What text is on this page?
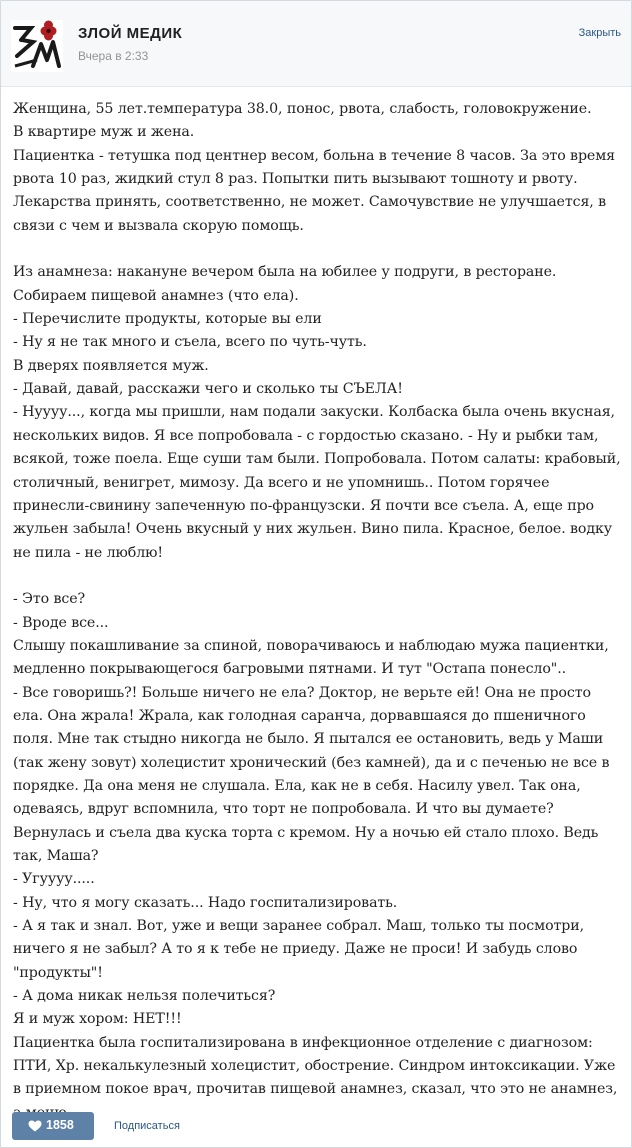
ЗЛОЙ МЕДИК
Вчера в 2:33
Закрыть

Женщина, 55 лет.температура 38.0, понос, рвота, слабость, головокружение.

В квартире муж и жена.

Пациентка - тетушка под центнер весом, больна в течение 8 часов. За это время рвота 10 раз, жидкий стул 8 раз. Попытки пить вызывают тошноту и рвоту. Лекарства принять, соответственно, не может. Самочувствие не улучшается, в связи с чем и вызвала скорую помощь.

Из анамнеза: накануне вечером была на юбилее у подруги, в ресторане.

Собираем пищевой анамнез (что ела).

- Перечислите продукты, которые вы ели

- Ну я не так много и съела, всего по чуть-чуть.

В дверях появляется муж.

- Давай, давай, расскажи чего и сколько ты СЪЕЛА!

- Нуууу..., когда мы пришли, нам подали закуски. Колбаска была очень вкусная, нескольких видов. Я все попробовала - с гордостью сказано. - Ну и рыбки там, всякой, тоже поела. Еще суши там были. Попробовала. Потом салаты: крабовый, столичный, венигрет, мимозу. Да всего и не упомнишь.. Потом горячее принесли-свинину запеченную по-французски. Я почти все съела. А, еще про жульен забыла! Очень вкусный у них жульен. Вино пила. Красное, белое. водку не пила - не люблю!

- Это все?

- Вроде все...

Слышу покашливание за спиной, поворачиваюсь и наблюдаю мужа пациентки, медленно покрывающегося багровыми пятнами. И тут "Остапа понесло"..

- Все говоришь?! Больше ничего не ела? Доктор, не верьте ей! Она не просто ела. Она жрала! Жрала, как голодная саранча, дорвавшаяся до пшеничного поля. Мне так стыдно никогда не было. Я пытался ее остановить, ведь у Маши (так жену зовут) холецистит хронический (без камней), да и с печенью не все в порядке. Да она меня не слушала. Ела, как не в себя. Насилу увел. Так она, одеваясь, вдруг вспомнила, что торт не попробовала. И что вы думаете? Вернулась и съела два куска торта с кремом. Ну а ночью ей стало плохо. Ведь так, Маша?

- Угуууу.....

- Ну, что я могу сказать... Надо госпитализировать.

- А я так и знал. Вот, уже и вещи заранее собрал. Маш, только ты посмотри, ничего я не забыл? А то я к тебе не приеду. Даже не проси! И забудь слово "продукты"!

- А дома никак нельзя полечиться?

Я и муж хором: НЕТ!!!

Пациентка была госпитализирована в инфекционное отделение с диагнозом: ПТИ, Хр. некалькулезный холецистит, обострение. Синдром интоксикации. Уже в приемном покое врач, прочитав пищевой анамнез, сказал, что это не анамнез,

1858	Подписаться
